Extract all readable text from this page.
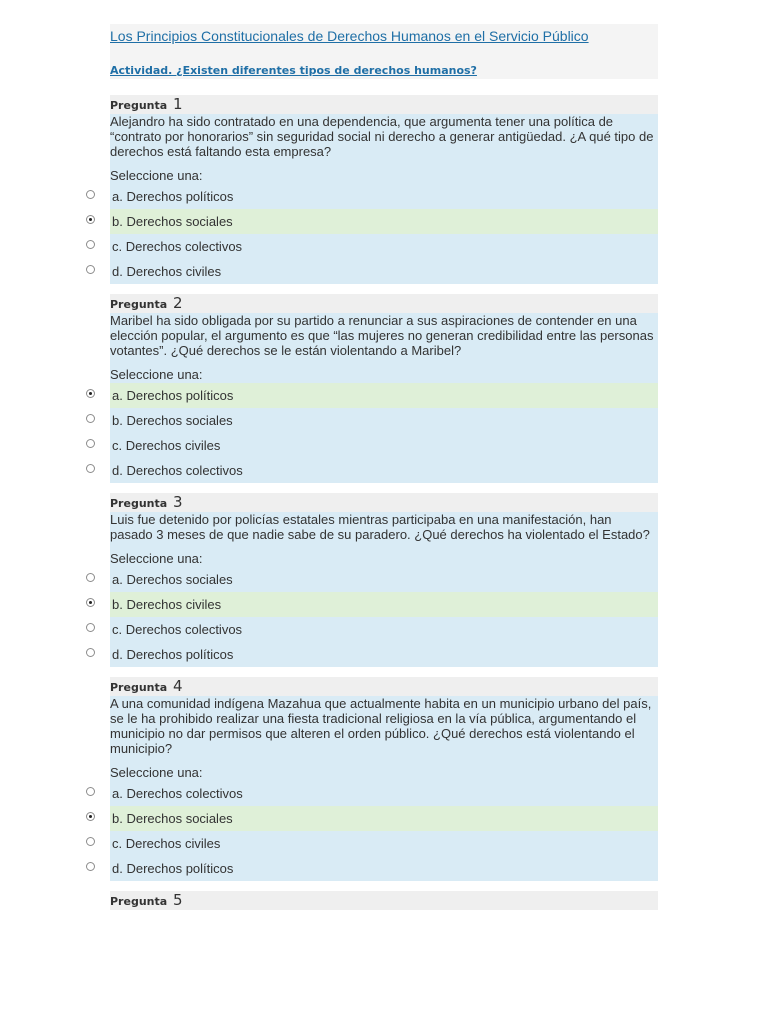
Los Principios Constitucionales de Derechos Humanos en el Servicio Público
Actividad. ¿Existen diferentes tipos de derechos humanos?
Pregunta 1
Alejandro ha sido contratado en una dependencia, que argumenta tener una política de “contrato por honorarios” sin seguridad social ni derecho a generar antigüedad. ¿A qué tipo de derechos está faltando esta empresa?
Seleccione una:
a. Derechos políticos
b. Derechos sociales
c. Derechos colectivos
d. Derechos civiles
Pregunta 2
Maribel ha sido obligada por su partido a renunciar a sus aspiraciones de contender en una elección popular, el argumento es que “las mujeres no generan credibilidad entre las personas votantes”. ¿Qué derechos se le están violentando a Maribel?
Seleccione una:
a. Derechos políticos
b. Derechos sociales
c. Derechos civiles
d. Derechos colectivos
Pregunta 3
Luis fue detenido por policías estatales mientras participaba en una manifestación, han pasado 3 meses de que nadie sabe de su paradero. ¿Qué derechos ha violentado el Estado?
Seleccione una:
a. Derechos sociales
b. Derechos civiles
c. Derechos colectivos
d. Derechos políticos
Pregunta 4
A una comunidad indígena Mazahua que actualmente habita en un municipio urbano del país, se le ha prohibido realizar una fiesta tradicional religiosa en la vía pública, argumentando el municipio no dar permisos que alteren el orden público. ¿Qué derechos está violentando el municipio?
Seleccione una:
a. Derechos colectivos
b. Derechos sociales
c. Derechos civiles
d. Derechos políticos
Pregunta 5
